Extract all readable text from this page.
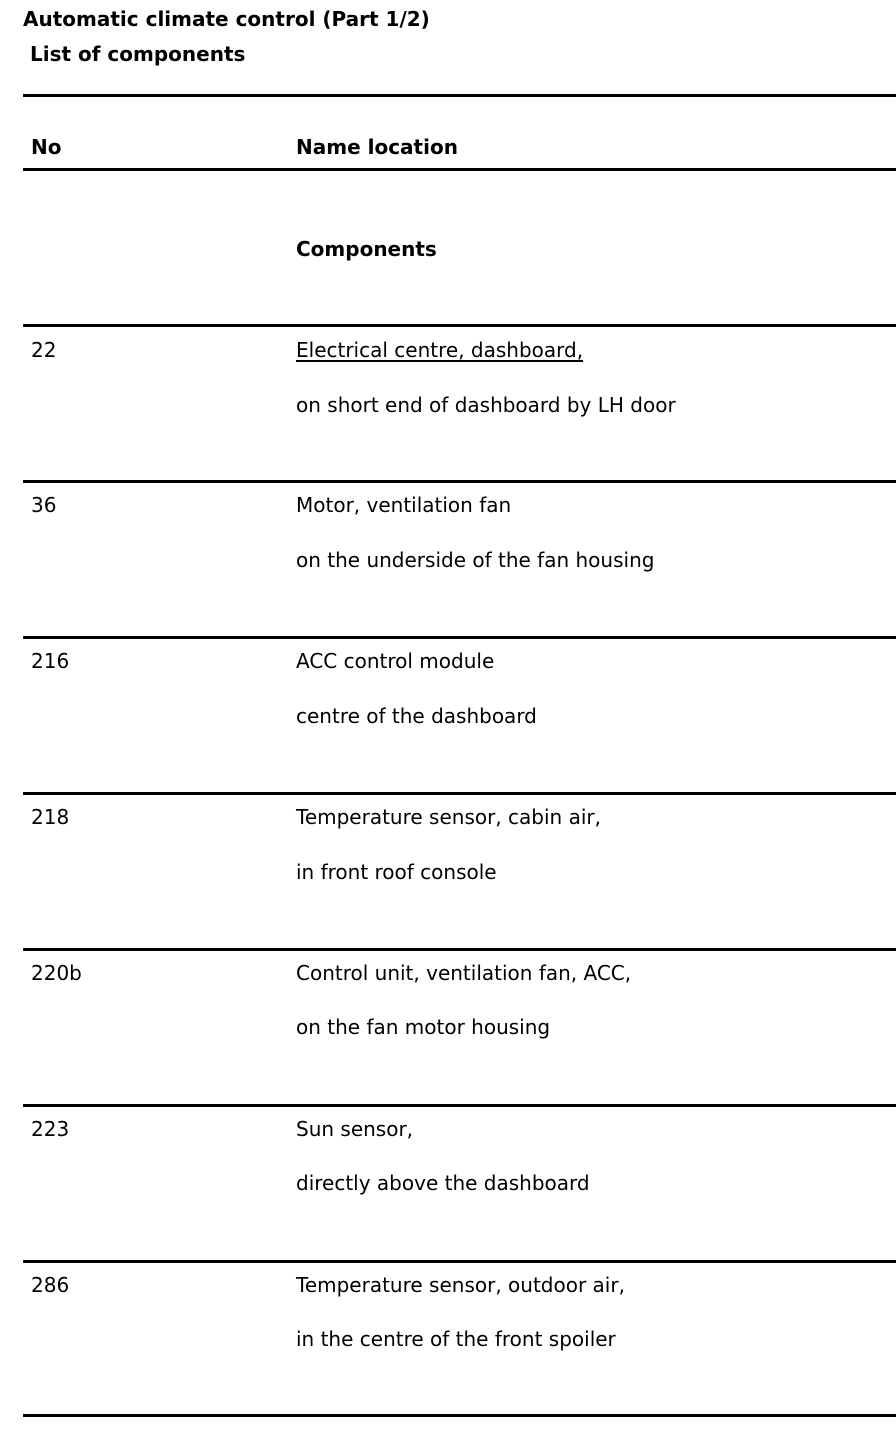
Automatic climate control (Part 1/2)
List of components
No	Name location
Components
22	Electrical centre, dashboard,
on short end of dashboard by LH door
36	Motor, ventilation fan
on the underside of the fan housing
216	ACC control module
centre of the dashboard
218	Temperature sensor, cabin air,
in front roof console
220b	Control unit, ventilation fan, ACC,
on the fan motor housing
223	Sun sensor,
directly above the dashboard
286	Temperature sensor, outdoor air,
in the centre of the front spoiler
